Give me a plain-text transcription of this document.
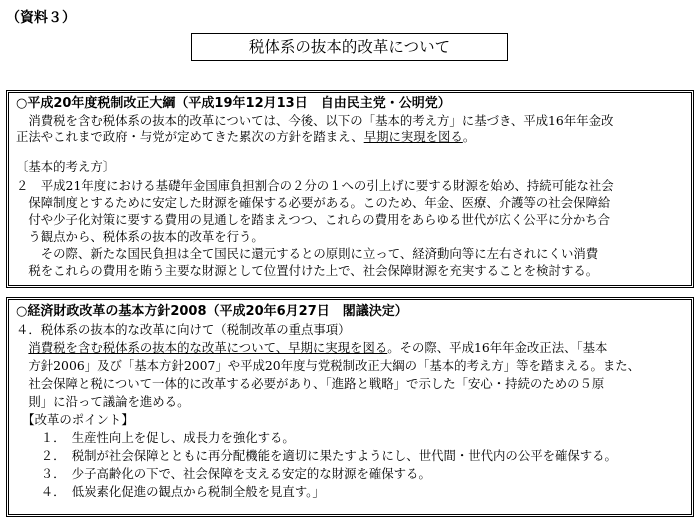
（資料３）
税体系の抜本的改革について
○平成20年度税制改正大綱（平成19年12月13日　自由民主党・公明党）
　消費税を含む税体系の抜本的改革については、今後、以下の「基本的考え方」に基づき、平成16年年金改
正法やこれまで政府・与党が定めてきた累次の方針を踏まえ、早期に実現を図る。
〔基本的考え方〕
２　平成21年度における基礎年金国庫負担割合の２分の１への引上げに要する財源を始め、持続可能な社会
　保障制度とするために安定した財源を確保する必要がある。このため、年金、医療、介護等の社会保障給
　付や少子化対策に要する費用の見通しを踏まえつつ、これらの費用をあらゆる世代が広く公平に分かち合
　う観点から、税体系の抜本的改革を行う。
　　その際、新たな国民負担は全て国民に還元するとの原則に立って、経済動向等に左右されにくい消費
　税をこれらの費用を賄う主要な財源として位置付けた上で、社会保障財源を充実することを検討する。
○経済財政改革の基本方針2008（平成20年6月27日　閣議決定）
４．税体系の抜本的な改革に向けて（税制改革の重点事項）
　消費税を含む税体系の抜本的な改革について、早期に実現を図る。その際、平成16年年金改正法、「基本
　方針2006」及び「基本方針2007」や平成20年度与党税制改正大綱の「基本的考え方」等を踏まえる。また、
　社会保障と税について一体的に改革する必要があり、「進路と戦略」で示した「安心・持続のための５原
　則」に沿って議論を進める。
　【改革のポイント】
　　１．　生産性向上を促し、成長力を強化する。
　　２．　税制が社会保障とともに再分配機能を適切に果たすようにし、世代間・世代内の公平を確保する。
　　３．　少子高齢化の下で、社会保障を支える安定的な財源を確保する。
　　４．　低炭素化促進の観点から税制全般を見直す。」
